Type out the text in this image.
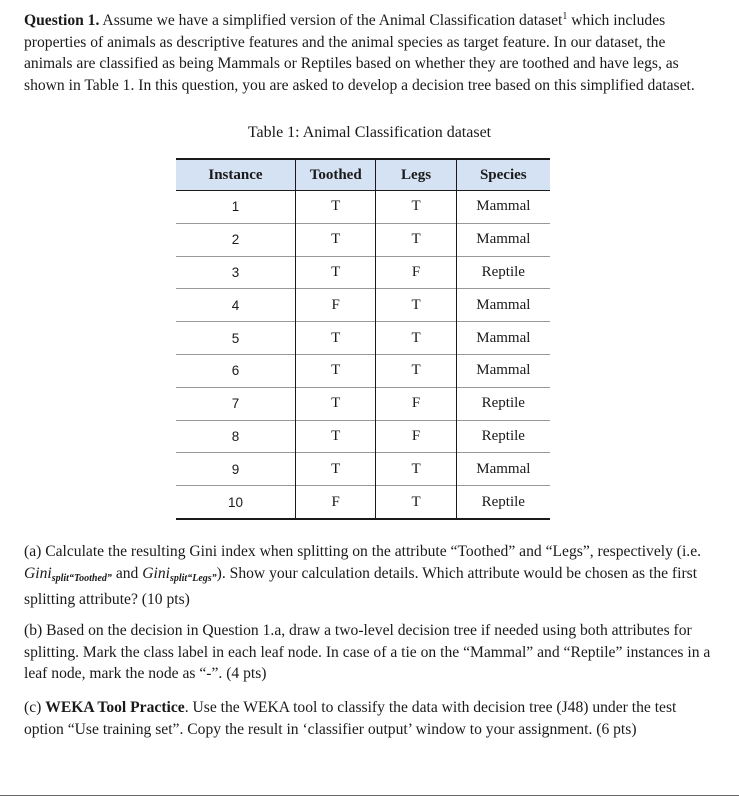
Question 1. Assume we have a simplified version of the Animal Classification dataset$^1$ which includes properties of animals as descriptive features and the animal species as target feature. In our dataset, the animals are classified as being Mammals or Reptiles based on whether they are toothed and have legs, as shown in Table 1. In this question, you are asked to develop a decision tree based on this simplified dataset.

Table 1: Animal Classification dataset
Instance	Toothed	Legs	Species
1	T	T	Mammal
2	T	T	Mammal
3	T	F	Reptile
4	F	T	Mammal
5	T	T	Mammal
6	T	T	Mammal
7	T	F	Reptile
8	T	F	Reptile
9	T	T	Mammal
10	F	T	Reptile

(a) Calculate the resulting Gini index when splitting on the attribute “Toothed” and “Legs”, respectively (i.e. Gini$_{split“Toothed”}$ and Gini$_{split“Legs”}$). Show your calculation details. Which attribute would be chosen as the first splitting attribute? (10 pts)

(b) Based on the decision in Question 1.a, draw a two-level decision tree if needed using both attributes for splitting. Mark the class label in each leaf node. In case of a tie on the “Mammal” and “Reptile” instances in a leaf node, mark the node as “-”. (4 pts)

(c) WEKA Tool Practice. Use the WEKA tool to classify the data with decision tree (J48) under the test option “Use training set”. Copy the result in ‘classifier output’ window to your assignment. (6 pts)
